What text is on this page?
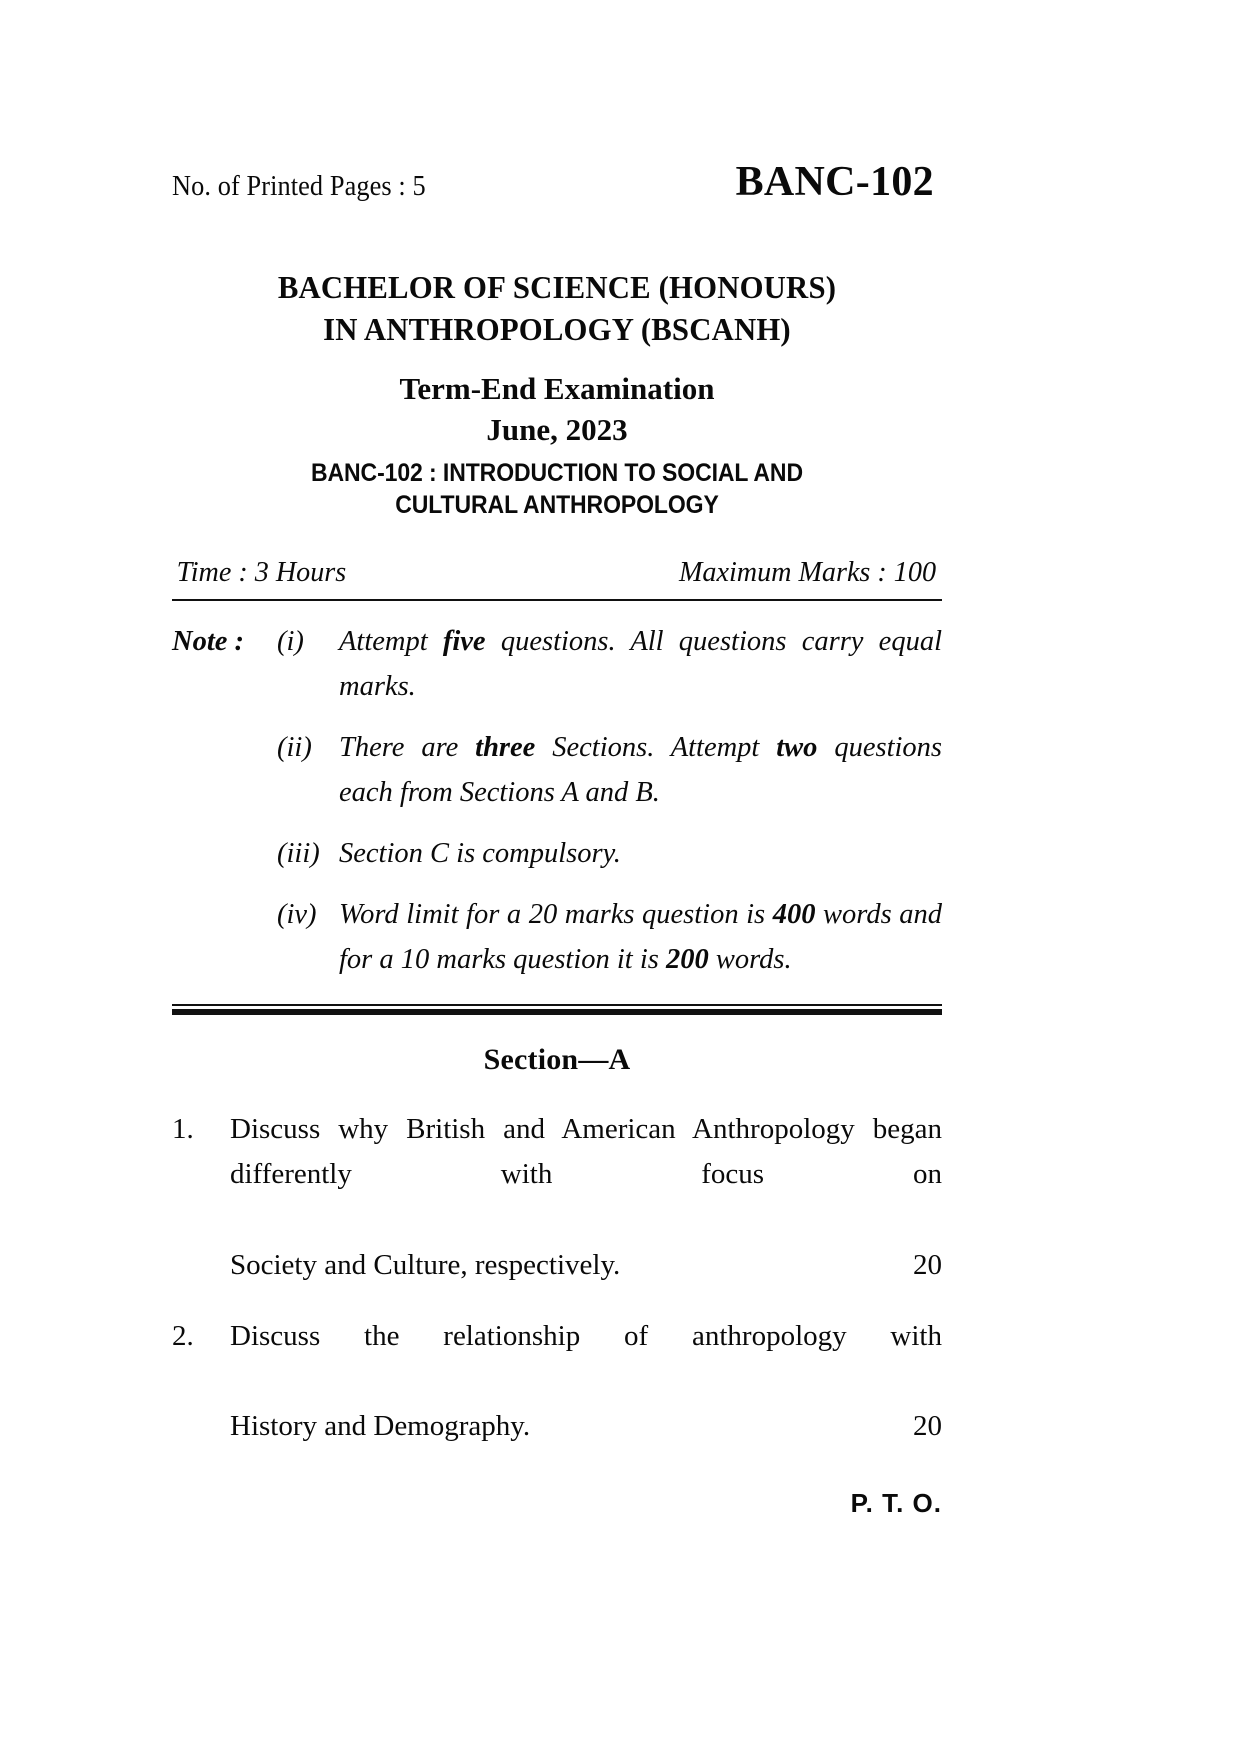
No. of Printed Pages : 5	BANC-102
BACHELOR OF SCIENCE (HONOURS)
IN ANTHROPOLOGY (BSCANH)
Term-End Examination
June, 2023
BANC-102 : INTRODUCTION TO SOCIAL AND
CULTURAL ANTHROPOLOGY
Time : 3 Hours	Maximum Marks : 100
Note :	(i)	Attempt five questions. All questions carry equal marks.
(ii) There are three Sections. Attempt two questions each from Sections A and B.
(iii) Section C is compulsory.
(iv) Word limit for a 20 marks question is 400 words and for a 10 marks question it is 200 words.
Section—A
1.	Discuss why British and American Anthropology began differently with focus on
Society and Culture, respectively.	20
2.	Discuss the relationship of anthropology with
History and Demography.	20
P. T. O.
